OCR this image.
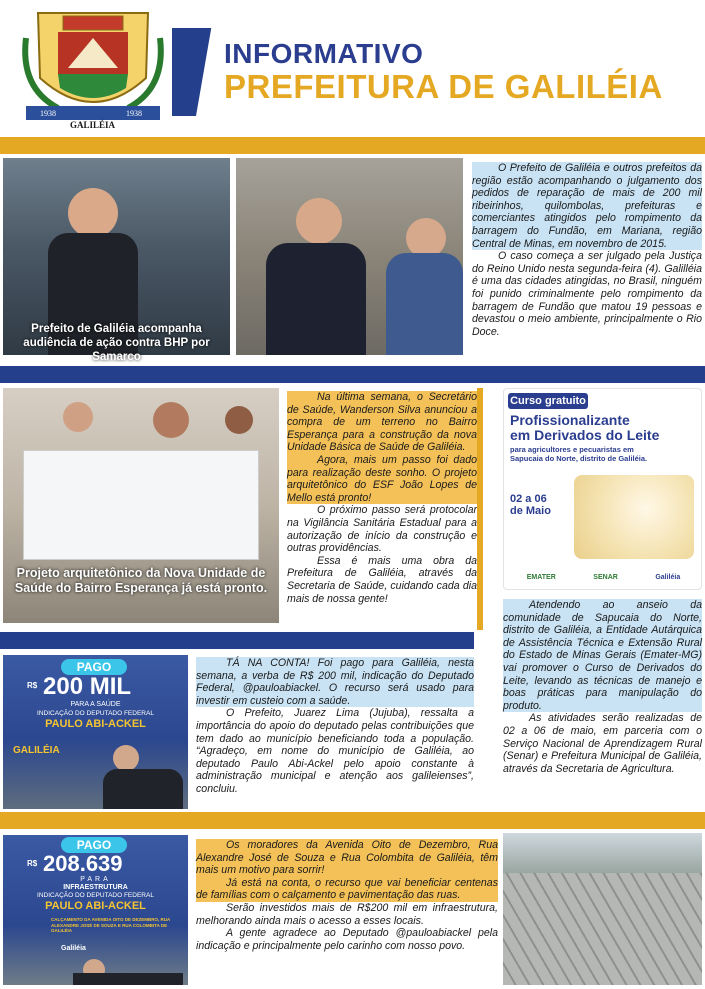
1938	1938
GALILÉIA
INFORMATIVO
PREFEITURA DE GALILÉIA
Prefeito de Galiléia acompanha audiência de ação contra BHP por Samarco

O Prefeito de Galiléia e outros prefeitos da região estão acompanhando o julgamento dos pedidos de reparação de mais de 200 mil ribeirinhos, quilombolas, prefeituras e comerciantes atingidos pelo rompimento da barragem do Fundão, em Mariana, região Central de Minas, em novembro de 2015.

O caso começa a ser julgado pela Justiça do Reino Unido nesta segunda-feira (4). Galilléia é uma das cidades atingidas, no Brasil, ninguém foi punido criminalmente pelo rompimento da barragem de Fundão que matou 19 pessoas e devastou o meio ambiente, principalmente o Rio Doce.

Projeto arquitetônico da Nova Unidade de Saúde do Bairro Esperança já está pronto.

Na última semana, o Secretário de Saúde, Wanderson Silva anunciou a compra de um terreno no Bairro Esperança para a construção da nova Unidade Básica de Saúde de Galiléia.

Agora, mais um passo foi dado para realização deste sonho. O projeto arquitetônico do ESF João Lopes de Mello está pronto!

O próximo passo será protocolar na Vigilância Sanitária Estadual para a autorização de início da construção e outras providências.

Essa é mais uma obra da Prefeitura de Galiléia, através da Secretaria de Saúde, cuidando cada dia mais de nossa gente!

Curso gratuito
Profissionalizante
em Derivados do Leite
para agricultores e pecuaristas em
Sapucaia do Norte, distrito de Galiléia.
02 a 06
de Maio
EMATER	SENAR	Galiléia

Atendendo ao anseio da comunidade de Sapucaia do Norte, distrito de Galiléia, a Entidade Autárquica de Assistência Técnica e Extensão Rural do Estado de Minas Gerais (Emater-MG) vai promover o Curso de Derivados do Leite, levando as técnicas de manejo e boas práticas para manipulação do produto.

As atividades serão realizadas de 02 a 06 de maio, em parceria com o Serviço Nacional de Aprendizagem Rural (Senar) e Prefeitura Municipal de Galiléia, através da Secretaria de Agricultura.

PAGO
R$ 200 MIL
PARA A SAÚDE
INDICAÇÃO DO DEPUTADO FEDERAL
PAULO ABI-ACKEL
GALILÉIA

TÁ NA CONTA! Foi pago para Galiléia, nesta semana, a verba de R$ 200 mil, indicação do Deputado Federal, @pauloabiackel. O recurso será usado para investir em custeio com a saúde.

O Prefeito, Juarez Lima (Jujuba), ressalta a importância do apoio do deputado pelas contribuições que tem dado ao município beneficiando toda a população. “Agradeço, em nome do município de Galiléia, ao deputado Paulo Abi-Ackel pelo apoio constante à administração municipal e atenção aos galileienses”, concluiu.

PAGO
R$ 208.639
PARA
INFRAESTRUTURA
INDICAÇÃO DO DEPUTADO FEDERAL
PAULO ABI-ACKEL
CALÇAMENTO DA AVENIDA OITO DE DEZEMBRO, RUA ALEXANDRE JOSÉ DE SOUZA E RUA COLOMBITA DE GALILÉIA
Galiléia

Os moradores da Avenida Oito de Dezembro, Rua Alexandre José de Souza e Rua Colombita de Galiléia, têm mais um motivo para sorrir!

Já está na conta, o recurso que vai beneficiar centenas de famílias com o calçamento e pavimentação das ruas.

Serão investidos mais de R$200 mil em infraestrutura, melhorando ainda mais o acesso a esses locais.

A gente agradece ao Deputado @pauloabiackel pela indicação e principalmente pelo carinho com nosso povo.
